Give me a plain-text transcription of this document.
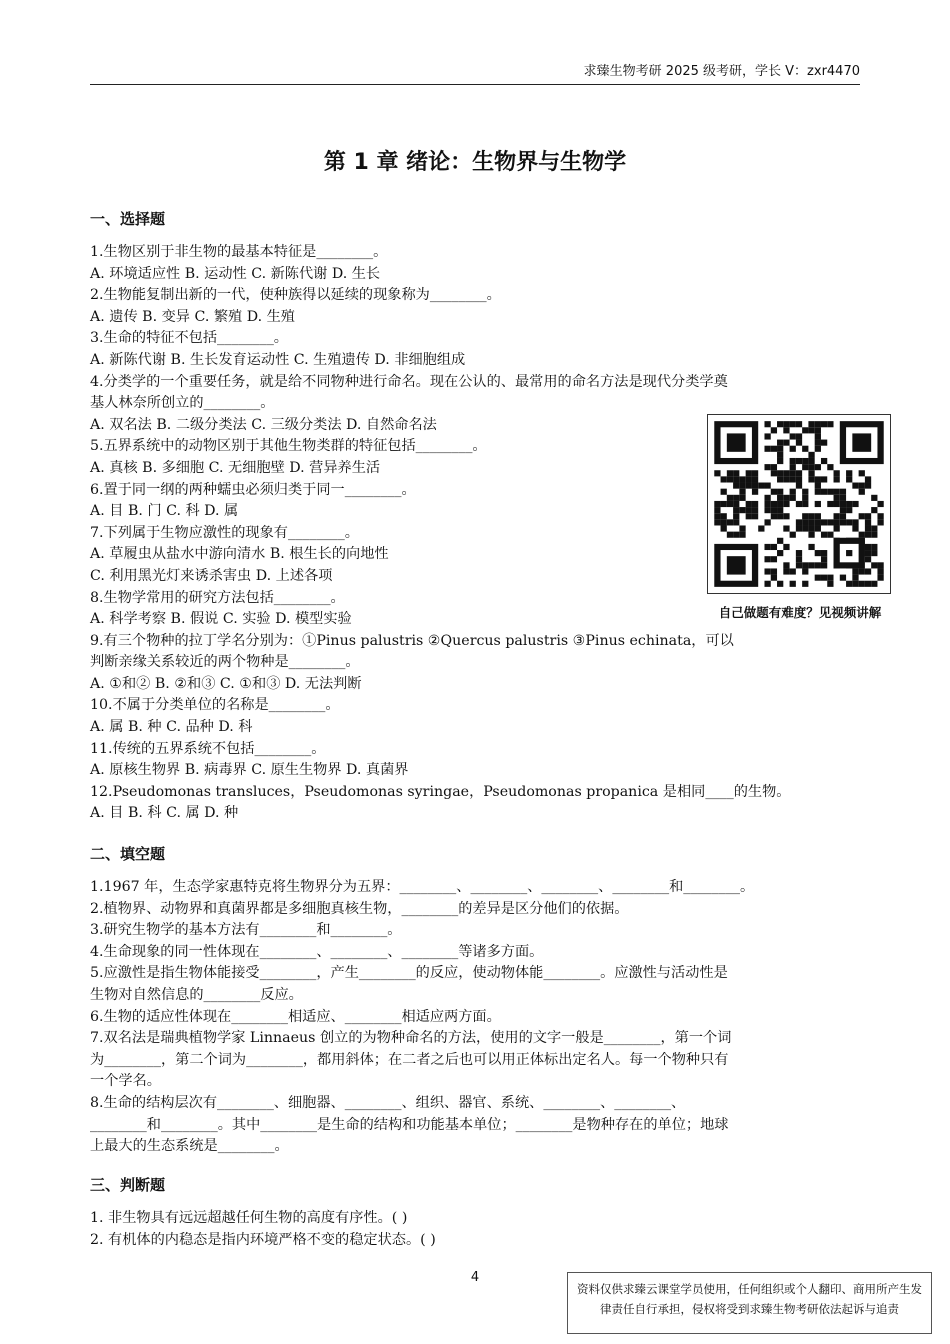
求臻生物考研 2025 级考研，学长 V：zxr4470
第 1 章 绪论：生物界与生物学
一、选择题
1.生物区别于非生物的最基本特征是________。
A. 环境适应性 B. 运动性 C. 新陈代谢 D. 生长
2.生物能复制出新的一代，使种族得以延续的现象称为________。
A. 遗传 B. 变异 C. 繁殖 D. 生殖
3.生命的特征不包括________。
A. 新陈代谢 B. 生长发育运动性 C. 生殖遗传 D. 非细胞组成
4.分类学的一个重要任务，就是给不同物种进行命名。现在公认的、最常用的命名方法是现代分类学奠
基人林奈所创立的________。
A. 双名法 B. 二级分类法 C. 三级分类法 D. 自然命名法
5.五界系统中的动物区别于其他生物类群的特征包括________。
A. 真核 B. 多细胞 C. 无细胞壁 D. 营异养生活
6.置于同一纲的两种蠕虫必须归类于同一________。
A. 目 B. 门 C. 科 D. 属
7.下列属于生物应激性的现象有________。
A. 草履虫从盐水中游向清水 B. 根生长的向地性
C. 利用黑光灯来诱杀害虫 D. 上述各项
8.生物学常用的研究方法包括________。
A. 科学考察 B. 假说 C. 实验 D. 模型实验
9.有三个物种的拉丁学名分别为：①Pinus palustris ②Quercus palustris ③Pinus echinata，可以
判断亲缘关系较近的两个物种是________。
A. ①和② B. ②和③ C. ①和③ D. 无法判断
10.不属于分类单位的名称是________。
A. 属 B. 种 C. 品种 D. 科
11.传统的五界系统不包括________。
A. 原核生物界 B. 病毒界 C. 原生生物界 D. 真菌界
12.Pseudomonas transluces，Pseudomonas syringae，Pseudomonas propanica 是相同____的生物。
A. 目 B. 科 C. 属 D. 种
自己做题有难度？见视频讲解
二、填空题
1.1967 年，生态学家惠特克将生物界分为五界：________、________、________、________和________。
2.植物界、动物界和真菌界都是多细胞真核生物，________的差异是区分他们的依据。
3.研究生物学的基本方法有________和________。
4.生命现象的同一性体现在________、________、________等诸多方面。
5.应激性是指生物体能接受________，产生________的反应，使动物体能________。应激性与活动性是
生物对自然信息的________反应。
6.生物的适应性体现在________相适应、________相适应两方面。
7.双名法是瑞典植物学家 Linnaeus 创立的为物种命名的方法，使用的文字一般是________，第一个词
为________，第二个词为________，都用斜体；在二者之后也可以用正体标出定名人。每一个物种只有
一个学名。
8.生命的结构层次有________、细胞器、________、组织、器官、系统、________、________、
________和________。其中________是生命的结构和功能基本单位；________是物种存在的单位；地球
上最大的生态系统是________。
三、判断题
1. 非生物具有远远超越任何生物的高度有序性。( )
2. 有机体的内稳态是指内环境严格不变的稳定状态。( )
4
资料仅供求臻云课堂学员使用，任何组织或个人翻印、商用所产生发律责任自行承担，侵权将受到求臻生物考研依法起诉与追责
